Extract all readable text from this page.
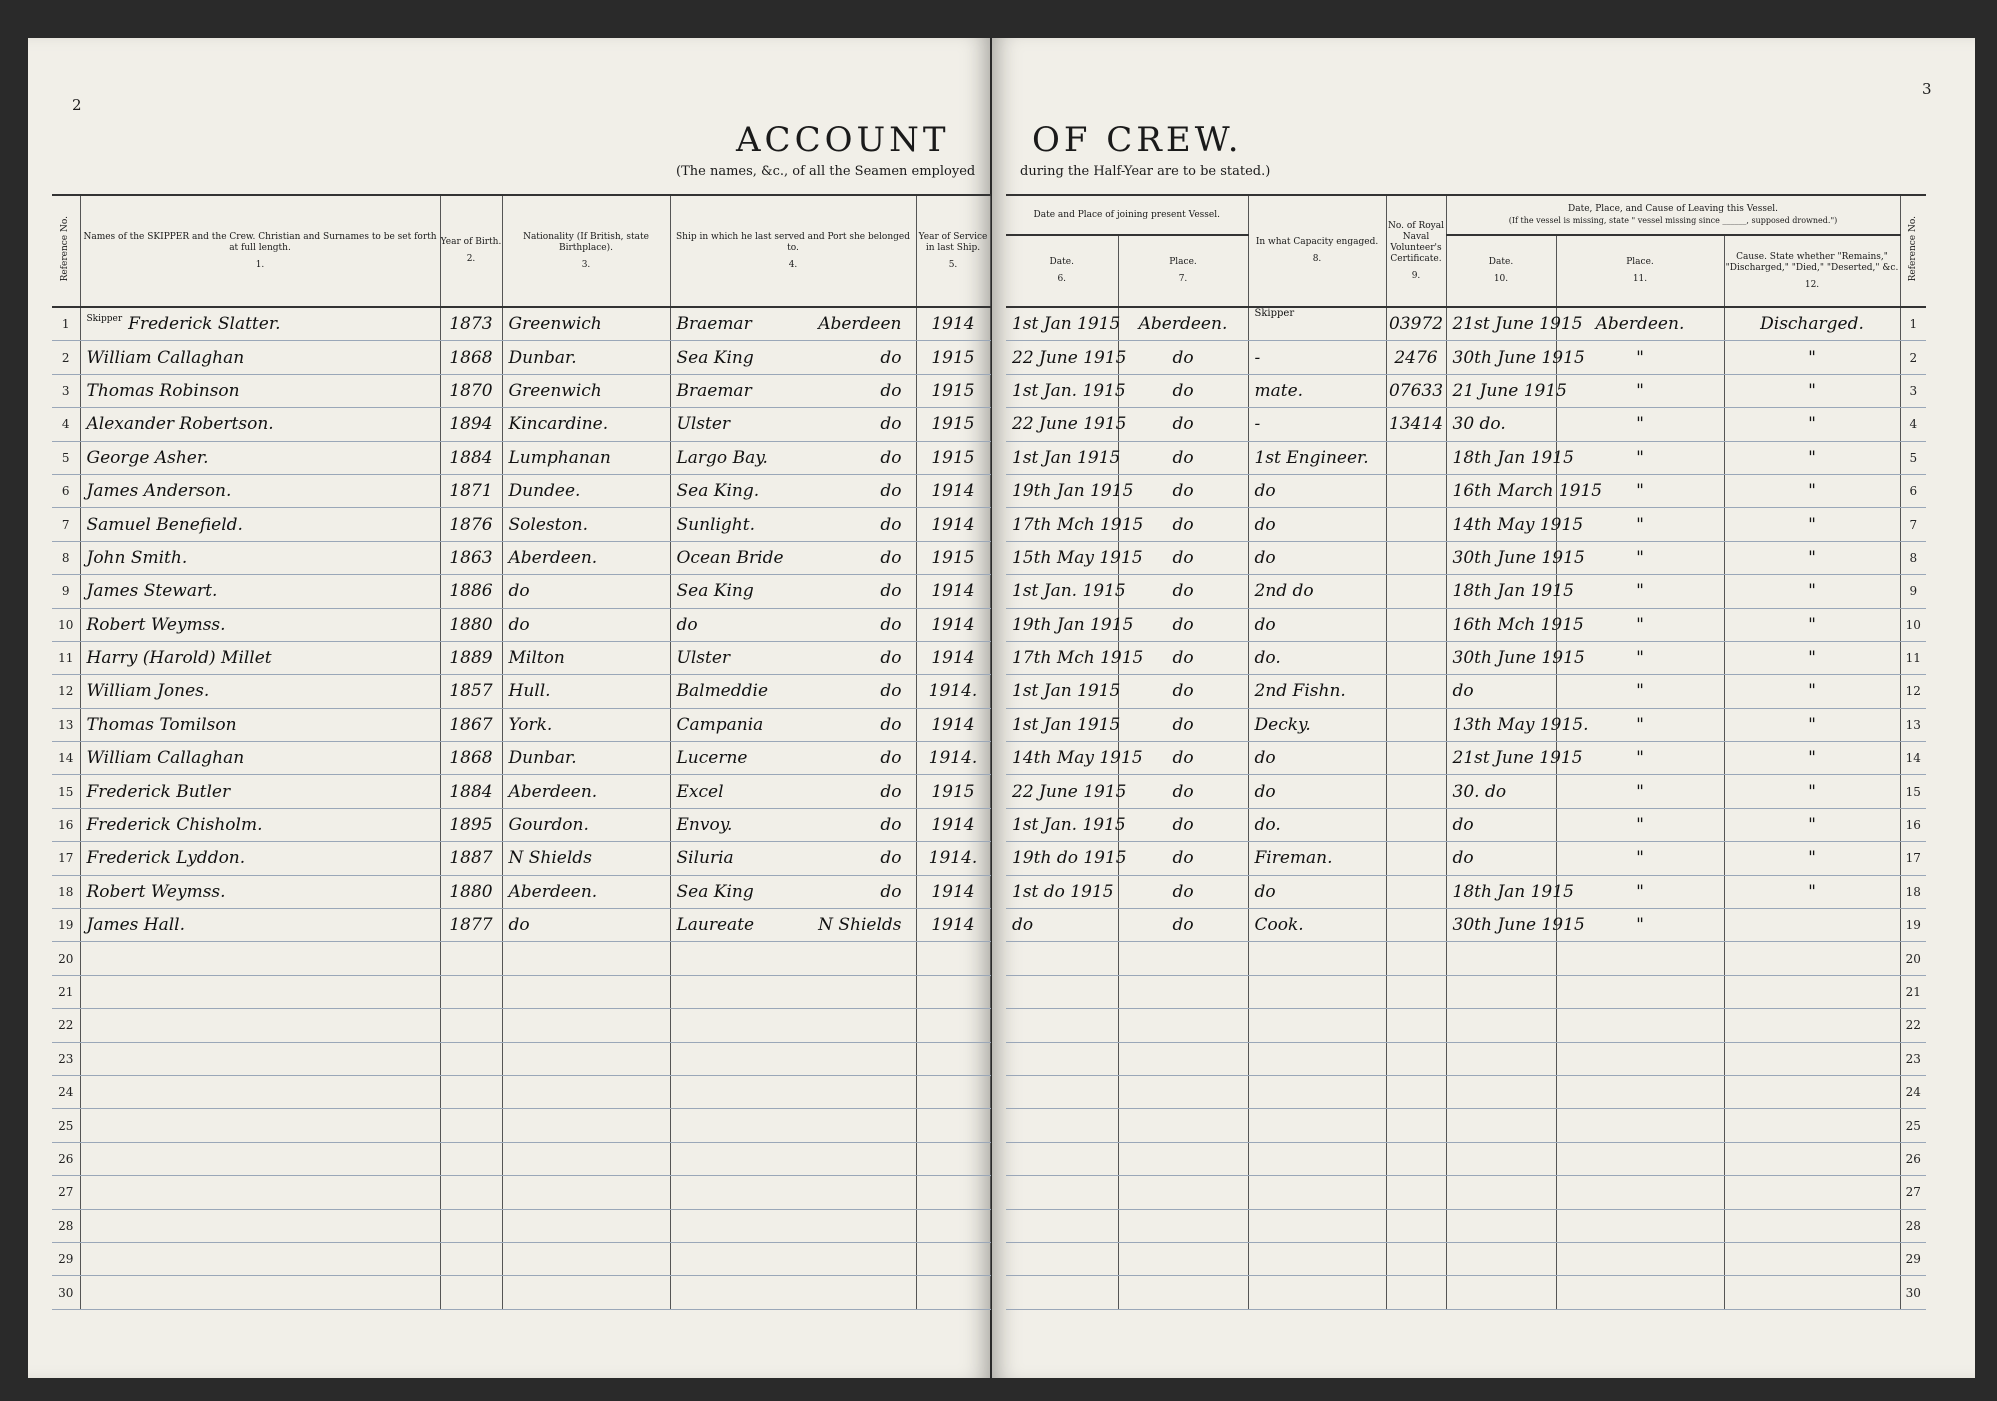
2
ACCOUNT
(The names, &c., of all the Seamen employed
Reference No.	Names of the SKIPPER and the Crew. Christian and Surnames to be set forth at full length.
1.	Year of Birth.
2.	Nationality (If British, state Birthplace).
3.	Ship in which he last served and Port she belonged to.
4.	Year of Service in last Ship.
5.

1	$^{Skipper}$ Frederick Slatter.	1873	Greenwich	Braemar Aberdeen	1914
2	William Callaghan	1868	Dunbar.	Sea King do	1915
3	Thomas Robinson	1870	Greenwich	Braemar do	1915
4	Alexander Robertson.	1894	Kincardine.	Ulster do	1915
5	George Asher.	1884	Lumphanan	Largo Bay. do	1915
6	James Anderson.	1871	Dundee.	Sea King. do	1914
7	Samuel Benefield.	1876	Soleston.	Sunlight. do	1914
8	John Smith.	1863	Aberdeen.	Ocean Bride do	1915
9	James Stewart.	1886	do	Sea King do	1914
10	Robert Weymss.	1880	do	do do	1914
11	Harry (Harold) Millet	1889	Milton	Ulster do	1914
12	William Jones.	1857	Hull.	Balmeddie do	1914.
13	Thomas Tomilson	1867	York.	Campania do	1914
14	William Callaghan	1868	Dunbar.	Lucerne do	1914.
15	Frederick Butler	1884	Aberdeen.	Excel do	1915
16	Frederick Chisholm.	1895	Gourdon.	Envoy. do	1914
17	Frederick Lyddon.	1887	N Shields	Siluria do	1914.
18	Robert Weymss.	1880	Aberdeen.	Sea King do	1914
19	James Hall.	1877	do	Laureate N Shields	1914
20				

21				

22				

23				

24				

25				

26				

27				

28				

29				

30				

3
OF CREW.
during the Half-Year are to be stated.)
Date and Place of joining present Vessel.		In what Capacity engaged.
8.	No. of Royal Naval Volunteer's Certificate.
9.	Date, Place, and Cause of Leaving this Vessel.
(If the vessel is missing, state " vessel missing since ______, supposed drowned.")			Reference No.
Date.
6.	Place.
7.			Date.
10.	Place.
11.	Cause. State whether "Remains," "Discharged," "Died," "Deserted," &c.
12.	

1st Jan 1915	Aberdeen.	Skipper	03972	21st June 1915	Aberdeen.	Discharged.	1
22 June 1915	do	-	2476	30th June 1915	"	"	2
1st Jan. 1915	do	mate.	07633	21 June 1915	"	"	3
22 June 1915	do	-	13414	30 do.	"	"	4
1st Jan 1915	do	1st Engineer.		18th Jan 1915	"	"	5
19th Jan 1915	do	do		16th March 1915	"	"	6
17th Mch 1915	do	do		14th May 1915	"	"	7
15th May 1915	do	do		30th June 1915	"	"	8
1st Jan. 1915	do	2nd do		18th Jan 1915	"	"	9
19th Jan 1915	do	do		16th Mch 1915	"	"	10
17th Mch 1915	do	do.		30th June 1915	"	"	11
1st Jan 1915	do	2nd Fishn.		do	"	"	12
1st Jan 1915	do	Decky.		13th May 1915.	"	"	13
14th May 1915	do	do		21st June 1915	"	"	14
22 June 1915	do	do		30. do	"	"	15
1st Jan. 1915	do	do.		do	"	"	16
19th do 1915	do	Fireman.		do	"	"	17
1st do 1915	do	do		18th Jan 1915	"	"	18
do	do	Cook.		30th June 1915	"		19
							20
							21
							22
							23
							24
							25
							26
							27
							28
							29
							30
